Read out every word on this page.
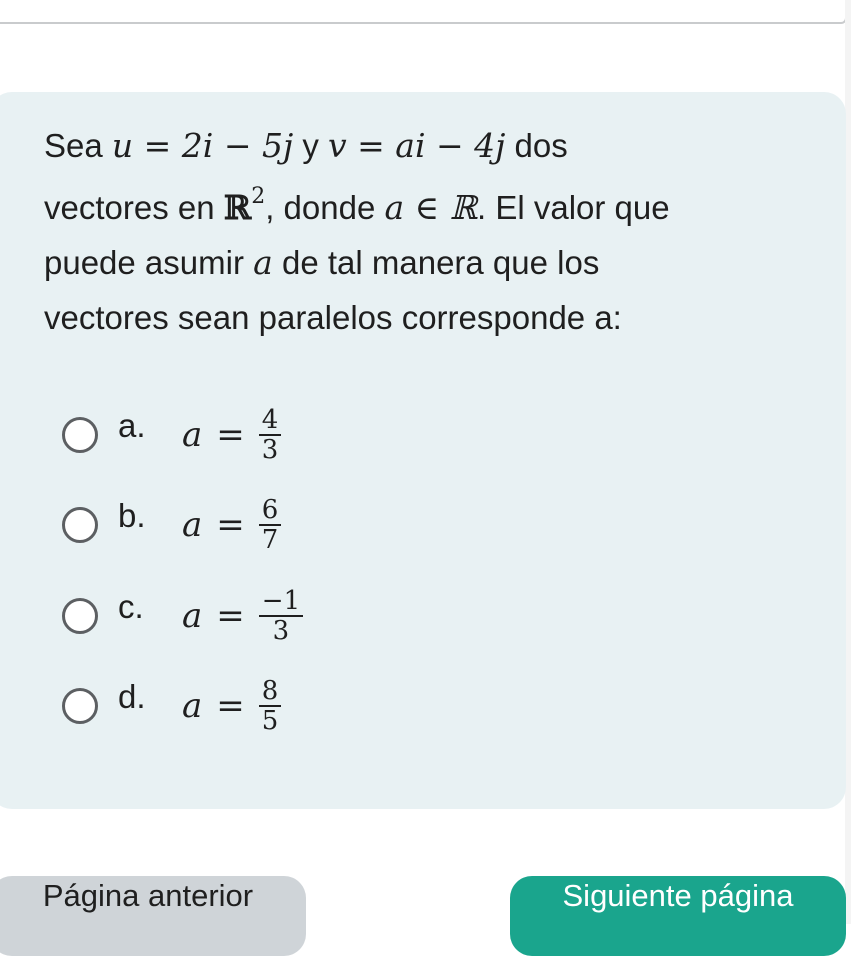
Sea u = 2i − 5j y v = ai − 4j dos
vectores en ℝ$^2$, donde a ∈ ℝ. El valor que
puede asumir a de tal manera que los
vectores sean paralelos corresponde a:
a. $a = \frac{4}{3}$
b. $a = \frac{6}{7}$
c. $a = \frac{-1}{3}$
d. $a = \frac{8}{5}$
Página anterior	Siguiente página
